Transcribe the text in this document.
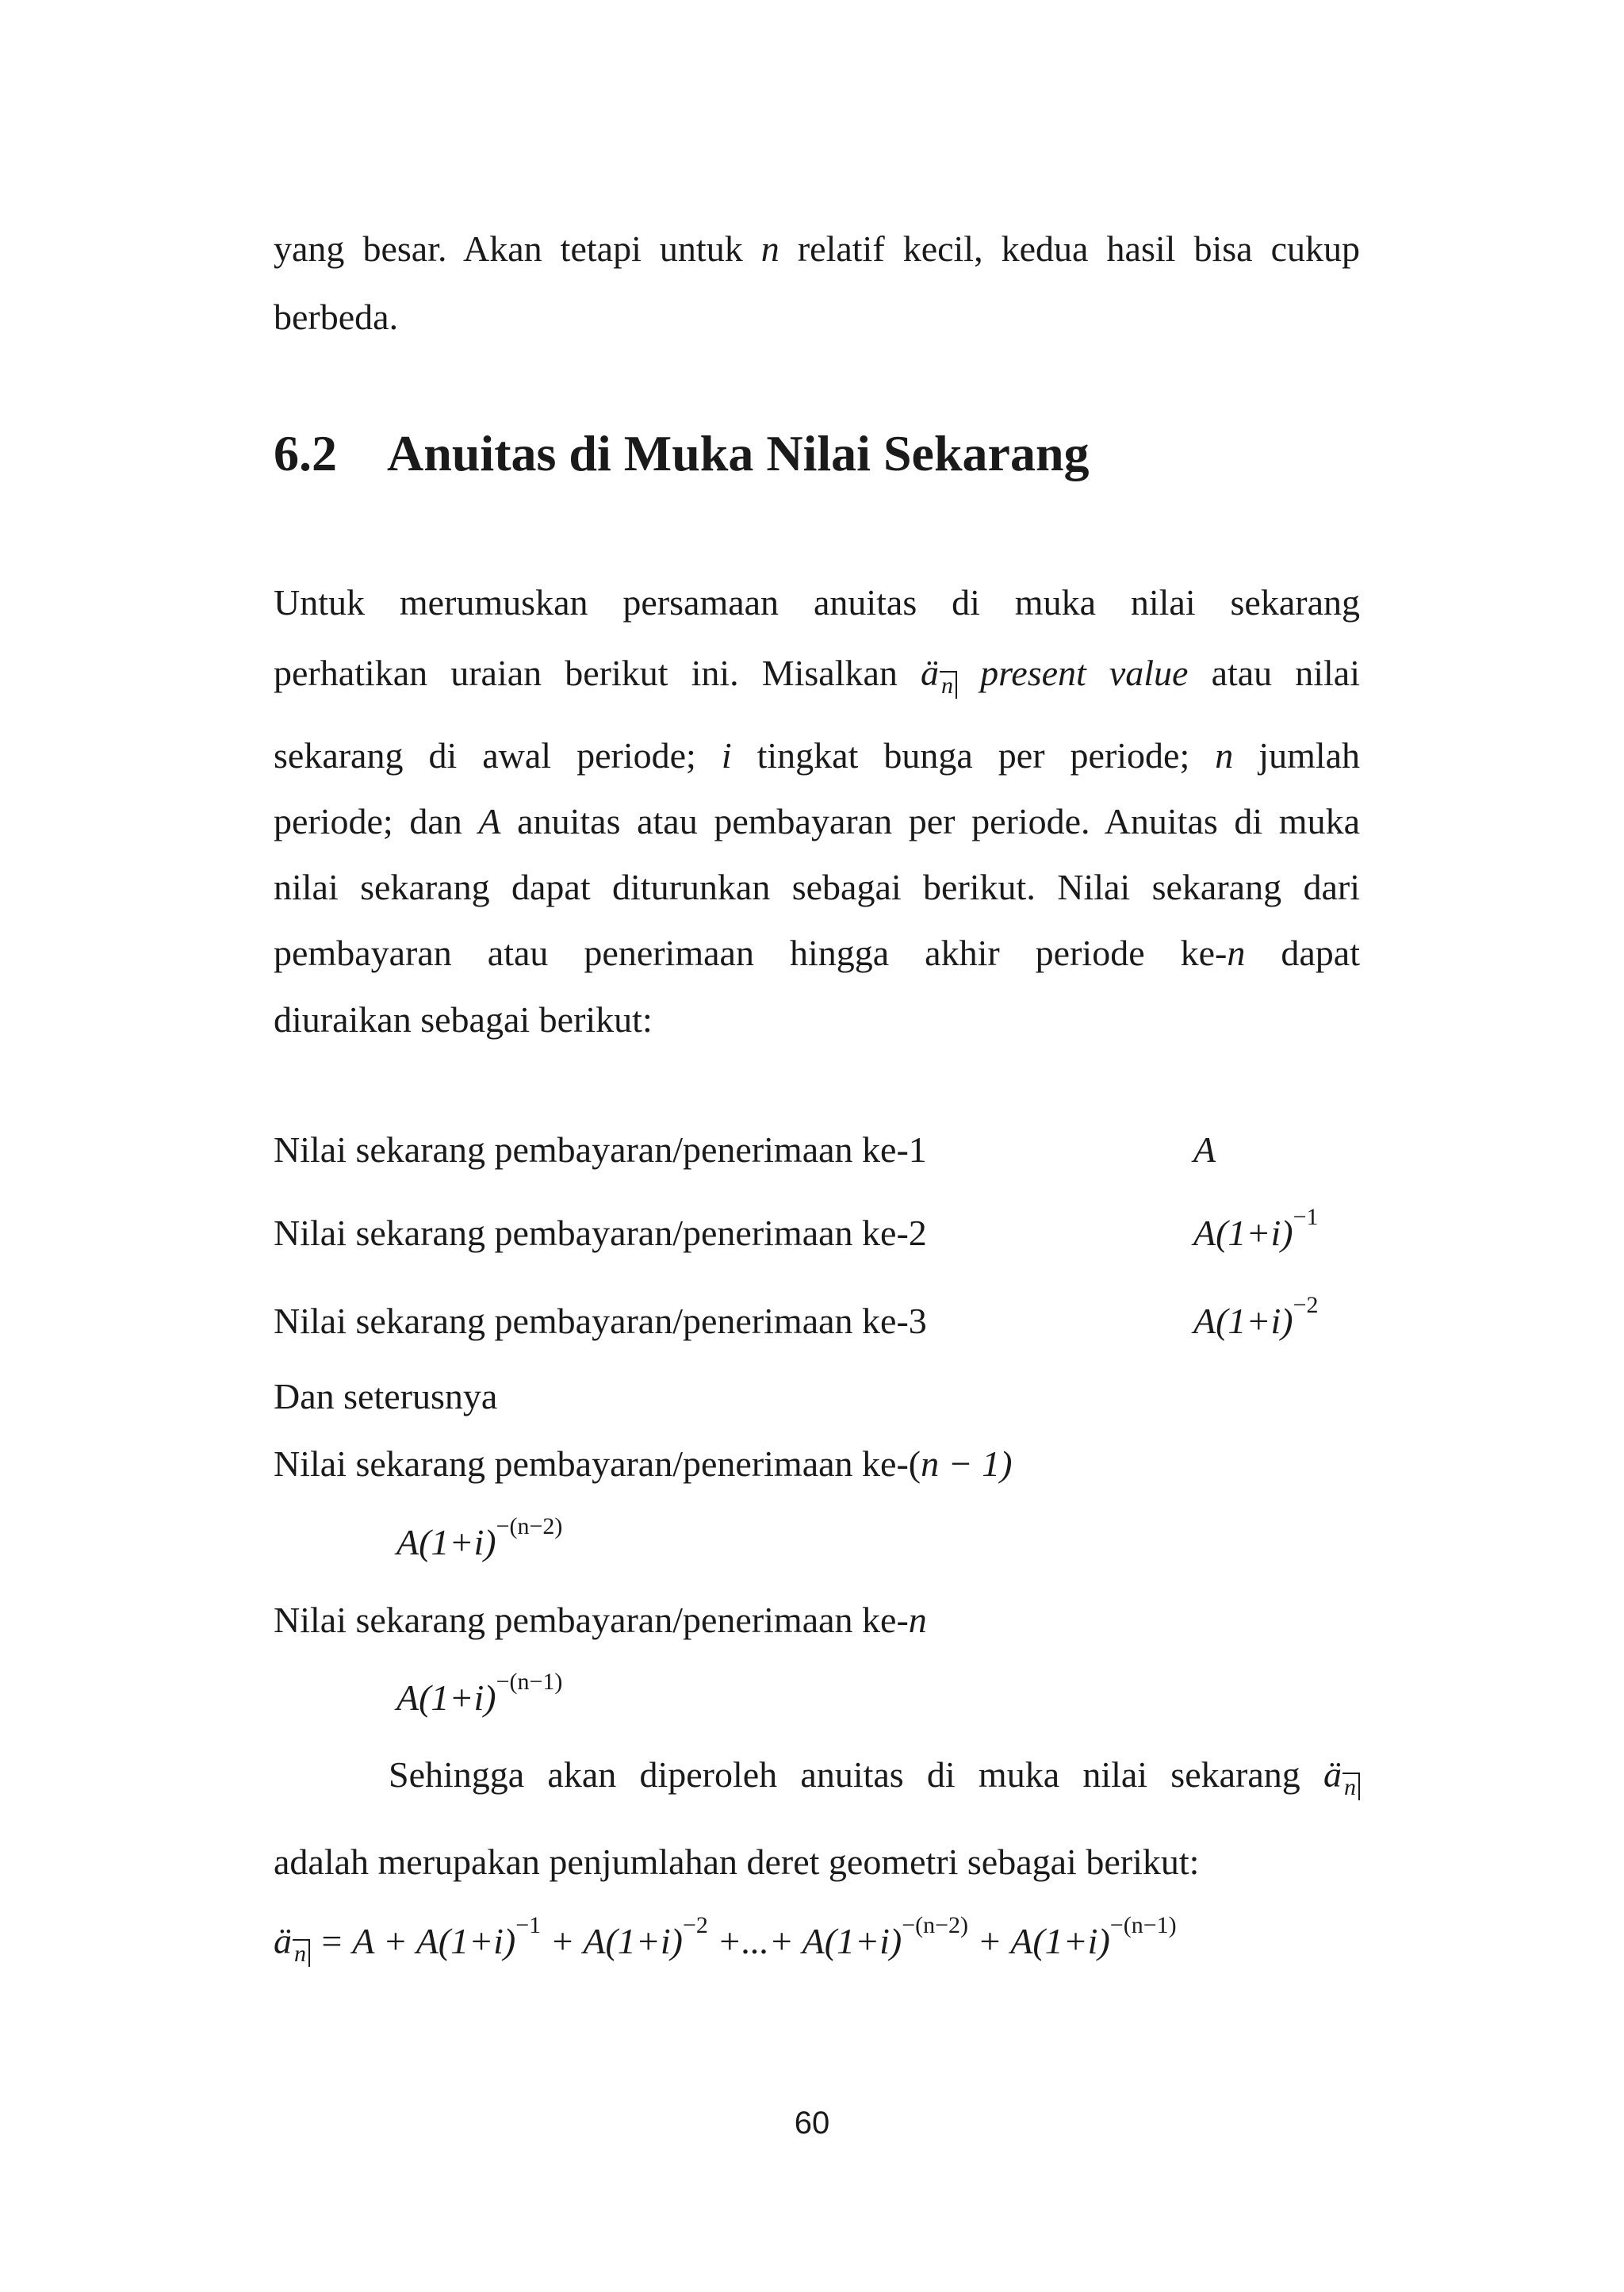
yang besar. Akan tetapi untuk n relatif kecil, kedua hasil bisa cukup
berbeda.
6.2 Anuitas di Muka Nilai Sekarang
Untuk merumuskan persamaan anuitas di muka nilai sekarang
perhatikan uraian berikut ini. Misalkan ä $_n$ present value atau nilai
sekarang di awal periode; i tingkat bunga per periode; n jumlah
periode; dan A anuitas atau pembayaran per periode. Anuitas di muka
nilai sekarang dapat diturunkan sebagai berikut. Nilai sekarang dari
pembayaran atau penerimaan hingga akhir periode ke-n dapat
diuraikan sebagai berikut:
Nilai sekarang pembayaran/penerimaan ke-1	A
Nilai sekarang pembayaran/penerimaan ke-2	$A(1+i)^{-1}$
Nilai sekarang pembayaran/penerimaan ke-3	$A(1+i)^{-2}$
Dan seterusnya
Nilai sekarang pembayaran/penerimaan ke-(n − 1)
$A(1+i)^{-(n-2)}$
Nilai sekarang pembayaran/penerimaan ke-n
$A(1+i)^{-(n-1)}$
Sehingga akan diperoleh anuitas di muka nilai sekarang ä $_n$
adalah merupakan penjumlahan deret geometri sebagai berikut:
ä $_n = A + A(1+i)^{-1} + A(1+i)^{-2}$ +...+ $A(1+i)^{-(n-2)} + A(1+i)^{-(n-1)}$
60
